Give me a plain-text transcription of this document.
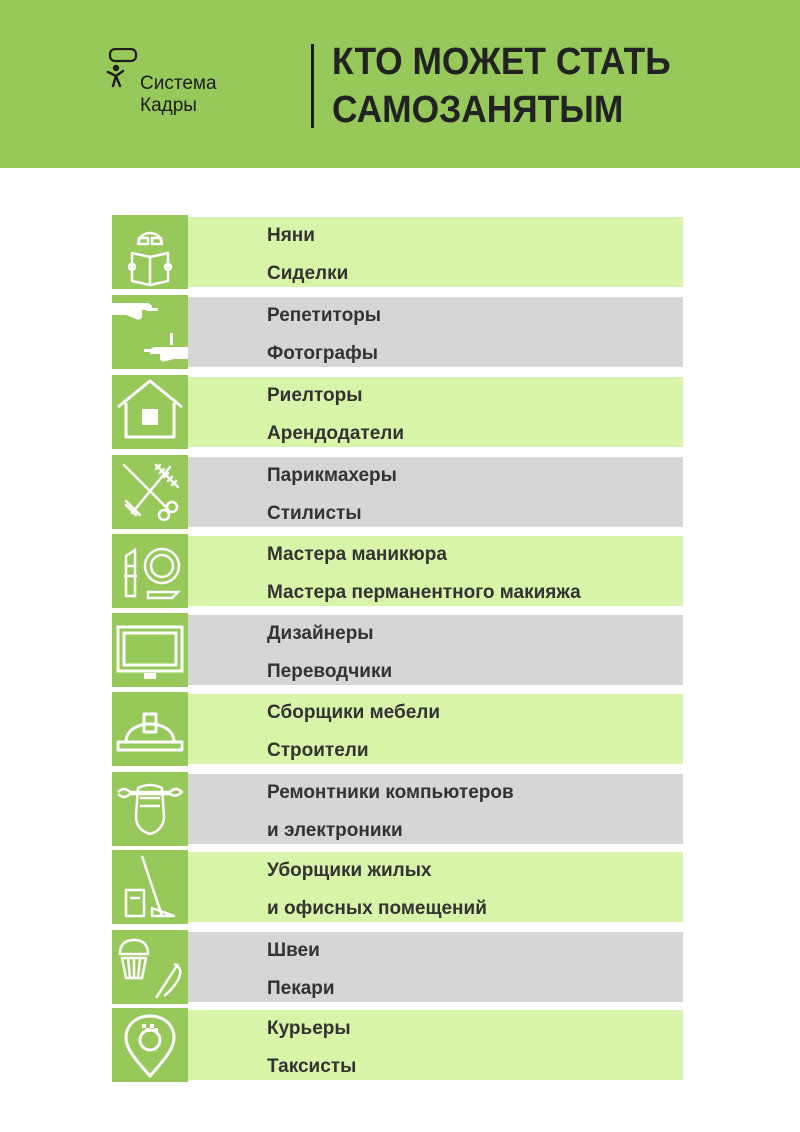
Система
Кадры
КТО МОЖЕТ СТАТЬ
САМОЗАНЯТЫМ
Няни
Сиделки
Репетиторы
Фотографы
Риелторы
Арендодатели
Парикмахеры
Стилисты
Мастера маникюра
Мастера перманентного макияжа
Дизайнеры
Переводчики
Сборщики мебели
Строители
Ремонтники компьютеров
и электроники
Уборщики жилых
и офисных помещений
Швеи
Пекари
Курьеры
Таксисты
